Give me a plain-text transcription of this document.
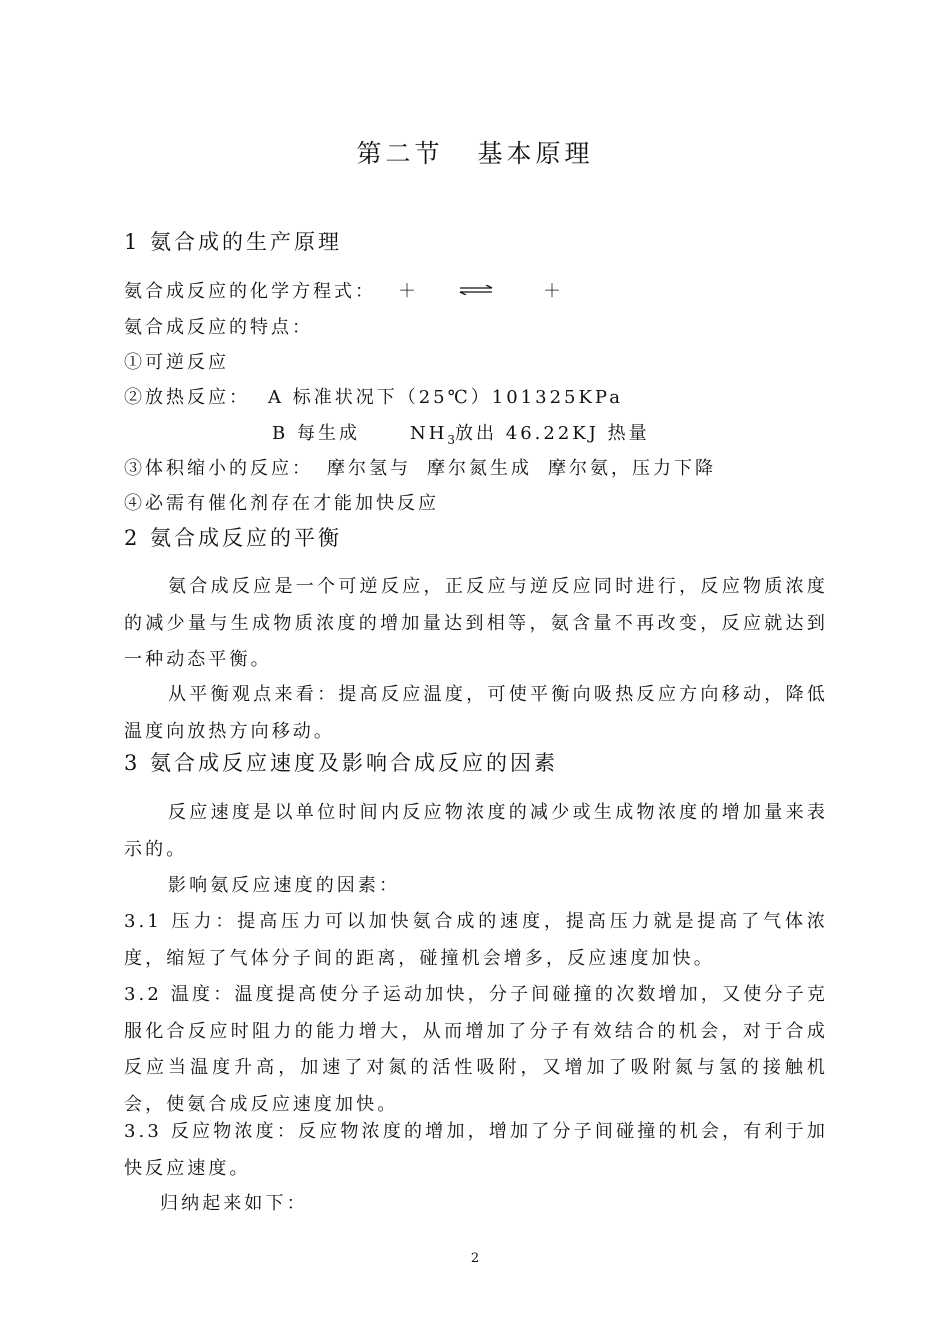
第二节 基本原理
1 氨合成的生产原理
氨合成反应的化学方程式： ＋	＋
氨合成反应的特点：
①可逆反应
②放热反应： A 标准状况下（25℃）101325KPa
B 每生成	$NH_3$放出 46.22KJ 热量
③体积缩小的反应： 摩尔氢与 摩尔氮生成 摩尔氨，压力下降
④必需有催化剂存在才能加快反应
2 氨合成反应的平衡
氨合成反应是一个可逆反应，正反应与逆反应同时进行，反应物质浓度的减少量与生成物质浓度的增加量达到相等，氨含量不再改变，反应就达到一种动态平衡。
从平衡观点来看：提高反应温度，可使平衡向吸热反应方向移动，降低温度向放热方向移动。
3 氨合成反应速度及影响合成反应的因素
反应速度是以单位时间内反应物浓度的减少或生成物浓度的增加量来表示的。
影响氨反应速度的因素：
3.1 压力：提高压力可以加快氨合成的速度，提高压力就是提高了气体浓度，缩短了气体分子间的距离，碰撞机会增多，反应速度加快。
3.2 温度：温度提高使分子运动加快，分子间碰撞的次数增加，又使分子克服化合反应时阻力的能力增大，从而增加了分子有效结合的机会，对于合成反应当温度升高，加速了对氮的活性吸附，又增加了吸附氮与氢的接触机会，使氨合成反应速度加快。
3.3 反应物浓度：反应物浓度的增加，增加了分子间碰撞的机会，有利于加快反应速度。
归纳起来如下：
2
